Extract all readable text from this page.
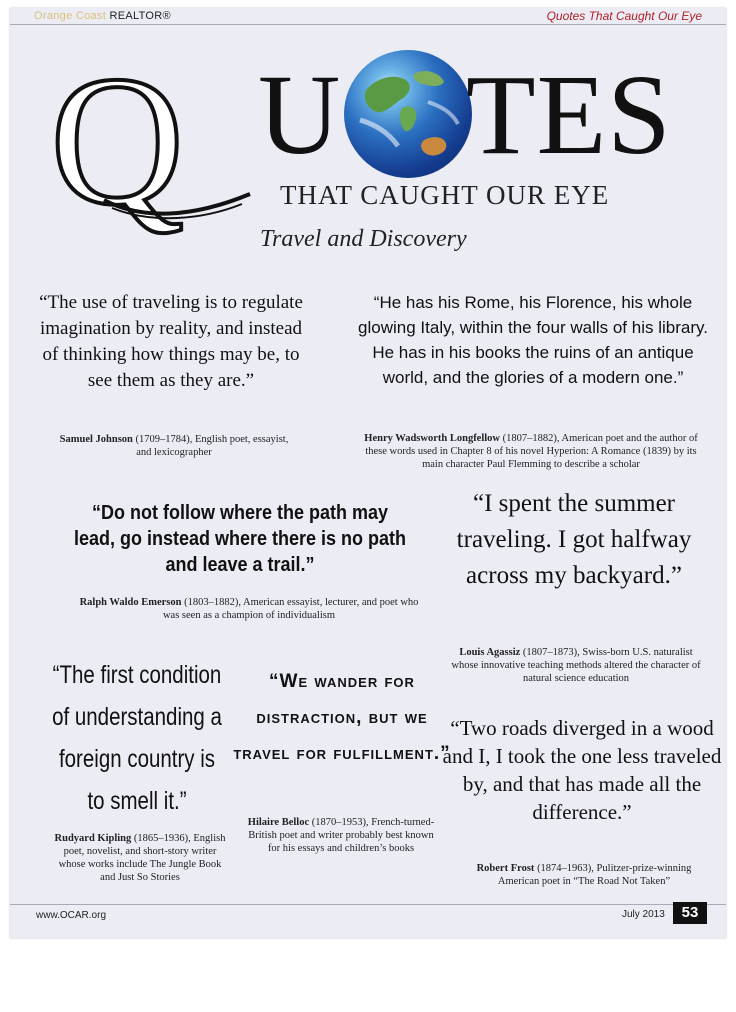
Orange Coast REALTOR®	Quotes That Caught Our Eye
Q U TES
THAT CAUGHT OUR EYE
Travel and Discovery
“The use of traveling is to regulate imagination by reality, and instead of thinking how things may be, to see them as they are.”
Samuel Johnson (1709–1784), English poet, essayist, and lexicographer
“He has his Rome, his Florence, his whole glowing Italy, within the four walls of his library. He has in his books the ruins of an antique world, and the glories of a modern one.”
Henry Wadsworth Longfellow (1807–1882), American poet and the author of these words used in Chapter 8 of his novel Hyperion: A Romance (1839) by its main character Paul Flemming to describe a scholar
“Do not follow where the path may lead, go instead where there is no path and leave a trail.”
Ralph Waldo Emerson (1803–1882), American essayist, lecturer, and poet who was seen as a champion of individualism
“I spent the summer traveling. I got halfway across my backyard.”
Louis Agassiz (1807–1873), Swiss-born U.S. naturalist whose innovative teaching methods altered the character of natural science education
“The first condition of understanding a foreign country is to smell it.”
Rudyard Kipling (1865–1936), English poet, novelist, and short-story writer whose works include The Jungle Book and Just So Stories
“We wander for distraction, but we travel for fulfillment.”
Hilaire Belloc (1870–1953), French-turned-British poet and writer probably best known for his essays and children’s books
“Two roads diverged in a wood and I, I took the one less traveled by, and that has made all the difference.”
Robert Frost (1874–1963), Pulitzer-prize-winning American poet in “The Road Not Taken”
www.OCAR.org	July 2013	53
